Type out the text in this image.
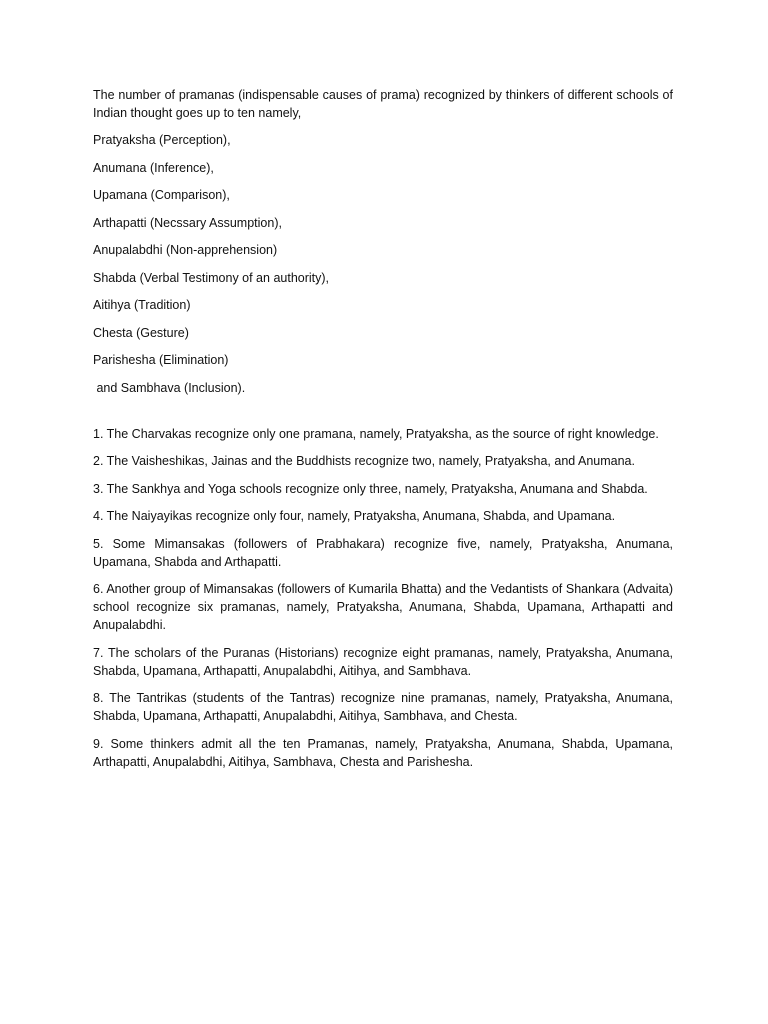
The number of pramanas (indispensable causes of prama) recognized by thinkers of different schools of Indian thought goes up to ten namely,

Pratyaksha (Perception),

Anumana (Inference),

Upamana (Comparison),

Arthapatti (Necssary Assumption),

Anupalabdhi (Non-apprehension)

Shabda (Verbal Testimony of an authority),

Aitihya (Tradition)

Chesta (Gesture)

Parishesha (Elimination)

and Sambhava (Inclusion).

1. The Charvakas recognize only one pramana, namely, Pratyaksha, as the source of right knowledge.

2. The Vaisheshikas, Jainas and the Buddhists recognize two, namely, Pratyaksha, and Anumana.

3. The Sankhya and Yoga schools recognize only three, namely, Pratyaksha, Anumana and Shabda.

4. The Naiyayikas recognize only four, namely, Pratyaksha, Anumana, Shabda, and Upamana.

5. Some Mimansakas (followers of Prabhakara) recognize five, namely, Pratyaksha, Anumana, Upamana, Shabda and Arthapatti.

6. Another group of Mimansakas (followers of Kumarila Bhatta) and the Vedantists of Shankara (Advaita) school recognize six pramanas, namely, Pratyaksha, Anumana, Shabda, Upamana, Arthapatti and Anupalabdhi.

7. The scholars of the Puranas (Historians) recognize eight pramanas, namely, Pratyaksha, Anumana, Shabda, Upamana, Arthapatti, Anupalabdhi, Aitihya, and Sambhava.

8. The Tantrikas (students of the Tantras) recognize nine pramanas, namely, Pratyaksha, Anumana, Shabda, Upamana, Arthapatti, Anupalabdhi, Aitihya, Sambhava, and Chesta.

9. Some thinkers admit all the ten Pramanas, namely, Pratyaksha, Anumana, Shabda, Upamana, Arthapatti, Anupalabdhi, Aitihya, Sambhava, Chesta and Parishesha.
